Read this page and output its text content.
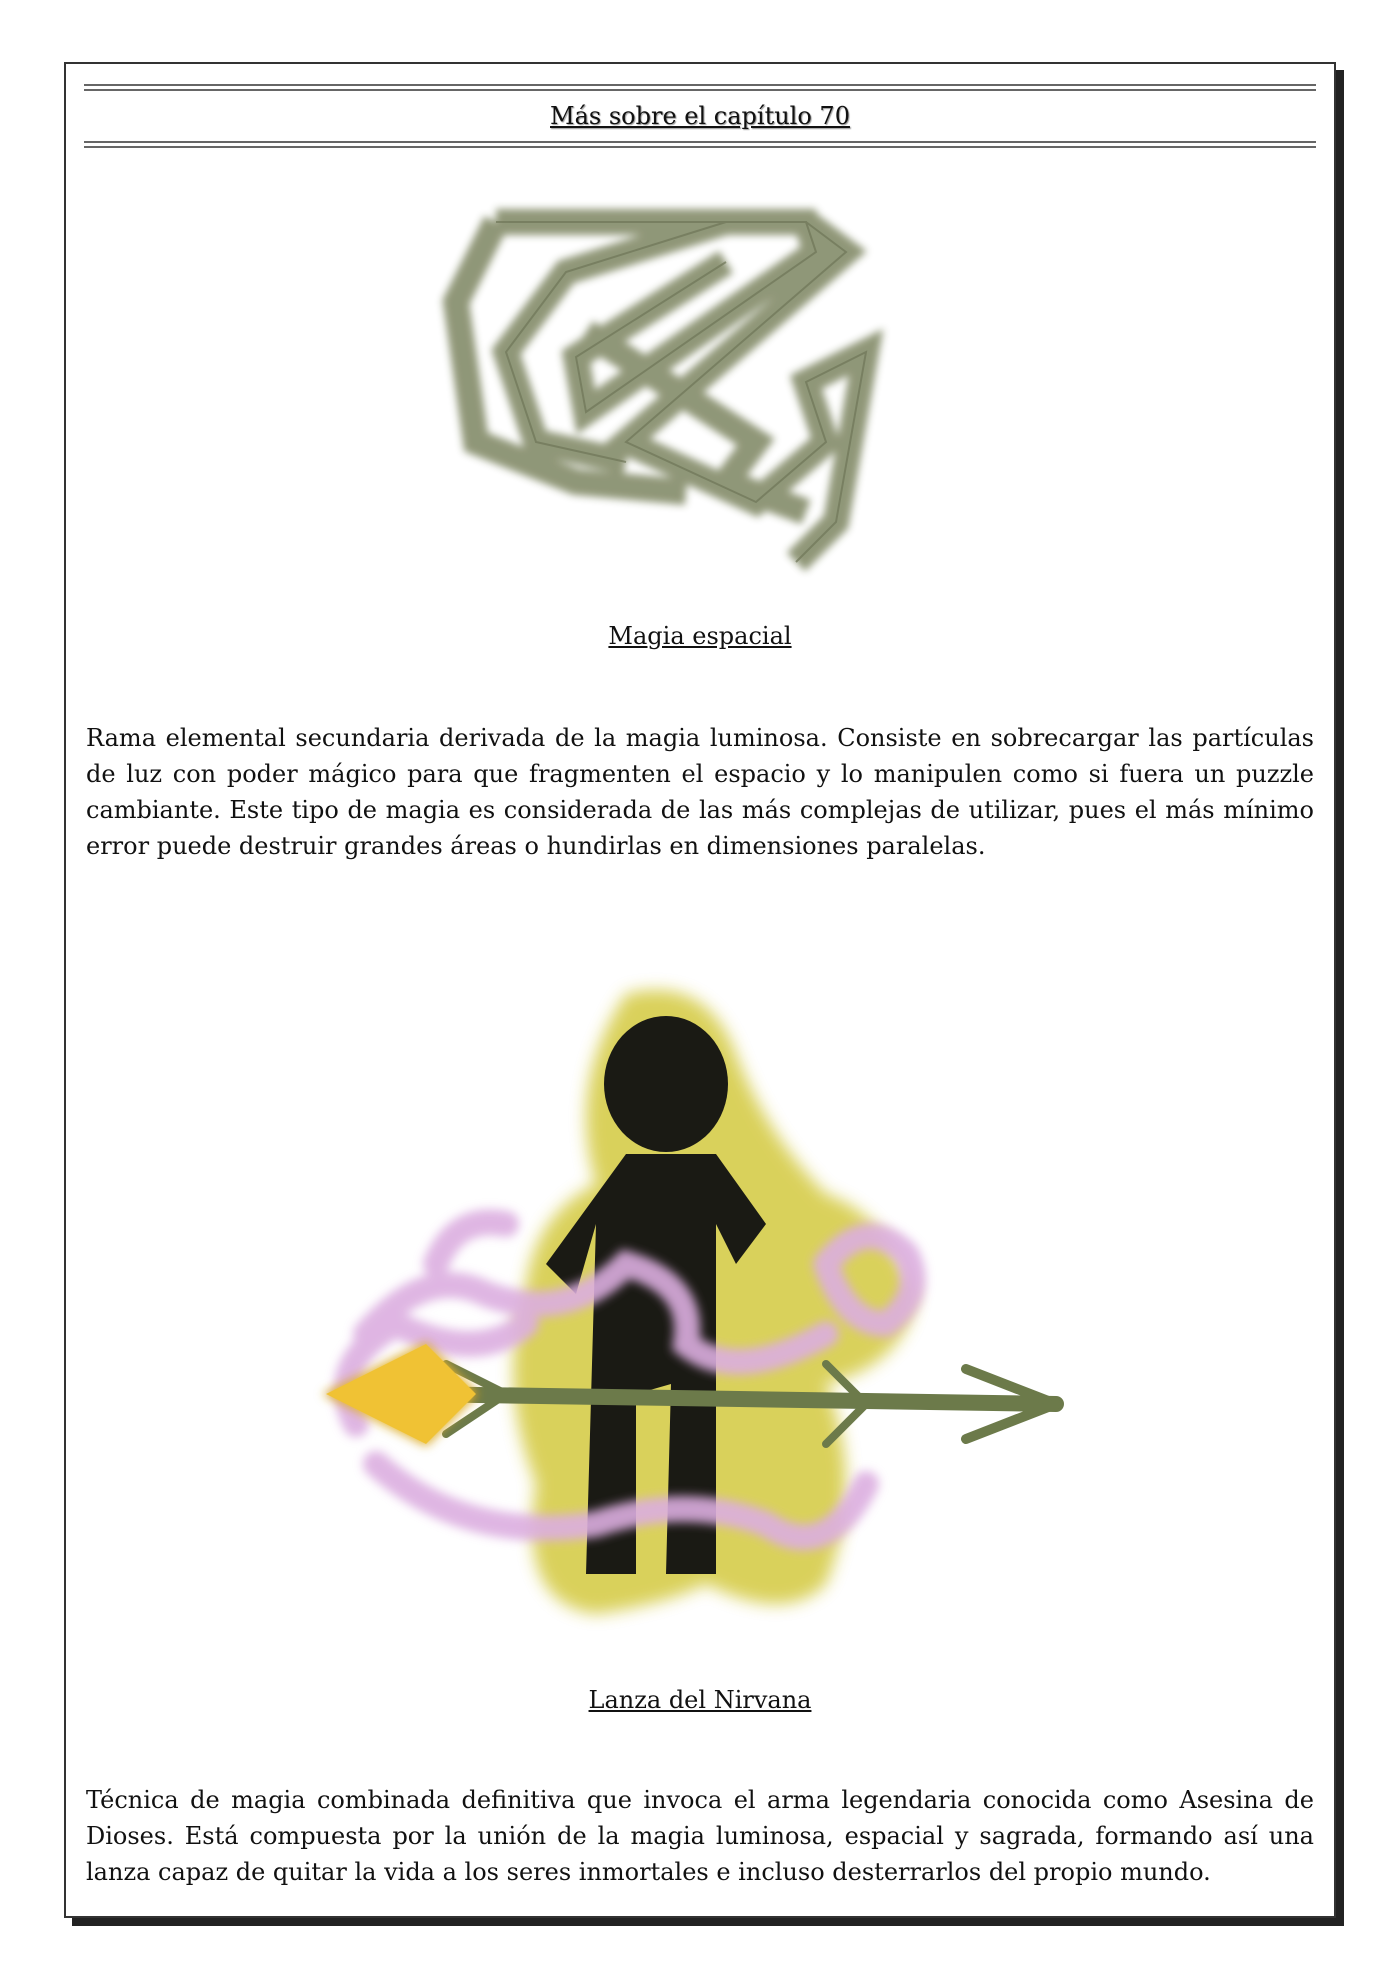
Más sobre el capítulo 70
Magia espacial
Rama elemental secundaria derivada de la magia luminosa. Consiste en sobrecargar las partículas de luz con poder mágico para que fragmenten el espacio y lo manipulen como si fuera un puzzle cambiante. Este tipo de magia es considerada de las más complejas de utilizar, pues el más mínimo error puede destruir grandes áreas o hundirlas en dimensiones paralelas.
Lanza del Nirvana
Técnica de magia combinada definitiva que invoca el arma legendaria conocida como Asesina de Dioses. Está compuesta por la unión de la magia luminosa, espacial y sagrada, formando así una lanza capaz de quitar la vida a los seres inmortales e incluso desterrarlos del propio mundo.
